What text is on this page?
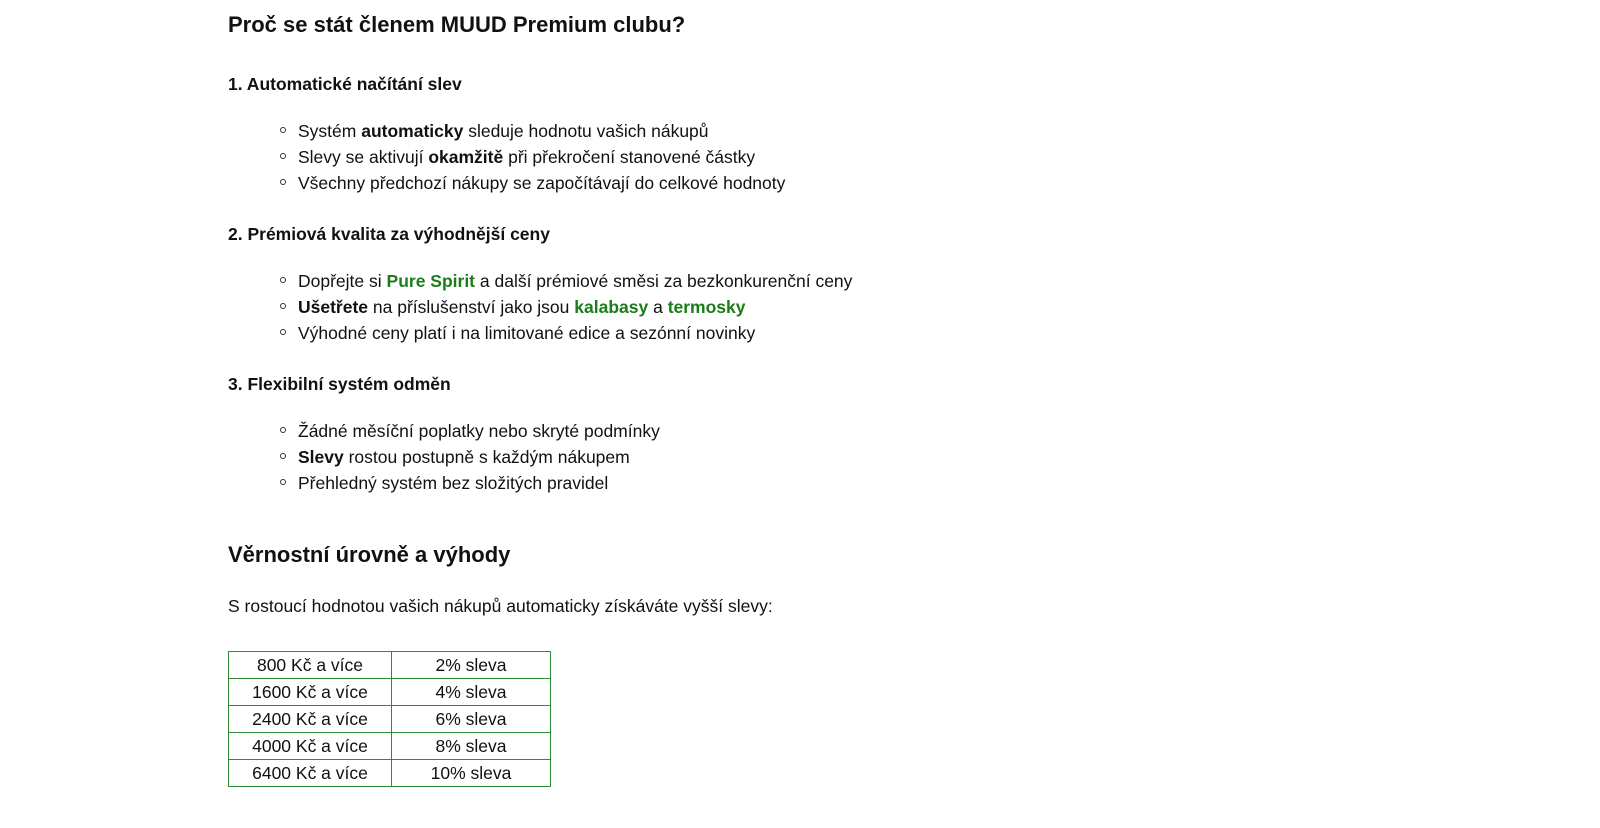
Proč se stát členem MUUD Premium clubu?
1. Automatické načítání slev
Systém automaticky sleduje hodnotu vašich nákupů
Slevy se aktivují okamžitě při překročení stanovené částky
Všechny předchozí nákupy se započítávají do celkové hodnoty
2. Prémiová kvalita za výhodnější ceny
Dopřejte si Pure Spirit a další prémiové směsi za bezkonkurenční ceny
Ušetřete na příslušenství jako jsou kalabasy a termosky
Výhodné ceny platí i na limitované edice a sezónní novinky
3. Flexibilní systém odměn
Žádné měsíční poplatky nebo skryté podmínky
Slevy rostou postupně s každým nákupem
Přehledný systém bez složitých pravidel
Věrnostní úrovně a výhody

S rostoucí hodnotou vašich nákupů automaticky získáváte vyšší slevy:

800 Kč a více	2% sleva
1600 Kč a více	4% sleva
2400 Kč a více	6% sleva
4000 Kč a více	8% sleva
6400 Kč a více	10% sleva
